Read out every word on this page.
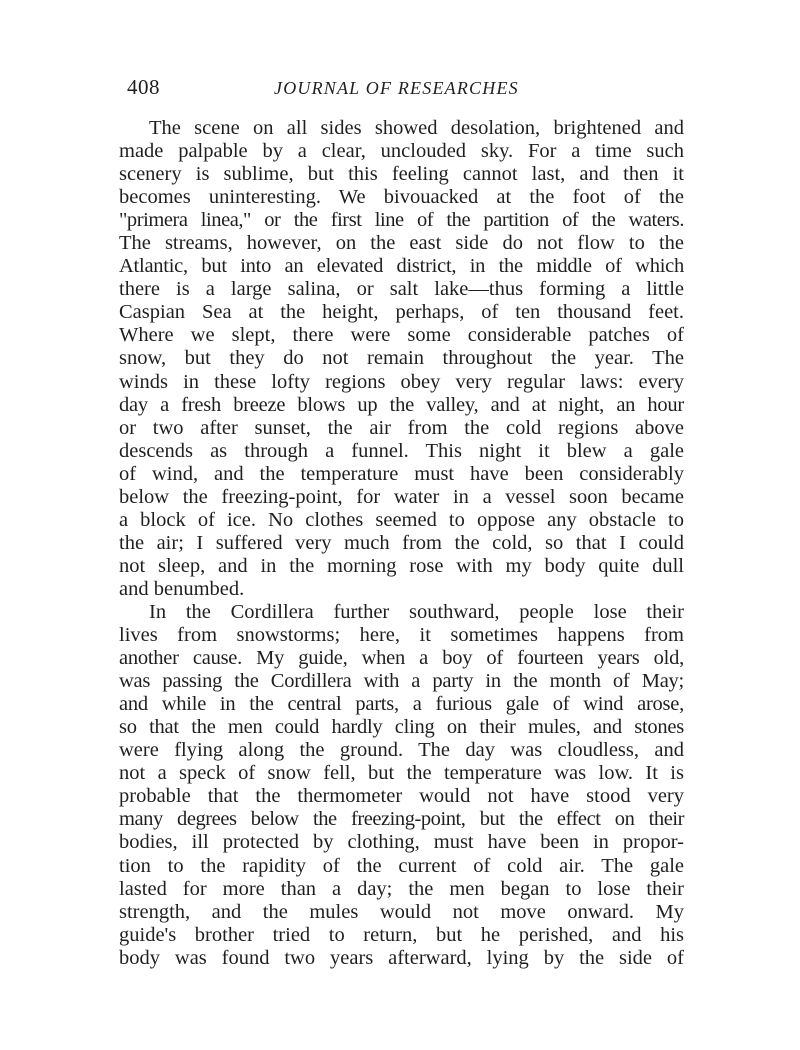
408	JOURNAL OF RESEARCHES
The scene on all sides showed desolation, brightened and
made palpable by a clear, unclouded sky. For a time such
scenery is sublime, but this feeling cannot last, and then it
becomes uninteresting. We bivouacked at the foot of the
"primera linea," or the first line of the partition of the waters.
The streams, however, on the east side do not flow to the
Atlantic, but into an elevated district, in the middle of which
there is a large salina, or salt lake—thus forming a little
Caspian Sea at the height, perhaps, of ten thousand feet.
Where we slept, there were some considerable patches of
snow, but they do not remain throughout the year. The
winds in these lofty regions obey very regular laws: every
day a fresh breeze blows up the valley, and at night, an hour
or two after sunset, the air from the cold regions above
descends as through a funnel. This night it blew a gale
of wind, and the temperature must have been considerably
below the freezing-point, for water in a vessel soon became
a block of ice. No clothes seemed to oppose any obstacle to
the air; I suffered very much from the cold, so that I could
not sleep, and in the morning rose with my body quite dull
and benumbed.
In the Cordillera further southward, people lose their
lives from snowstorms; here, it sometimes happens from
another cause. My guide, when a boy of fourteen years old,
was passing the Cordillera with a party in the month of May;
and while in the central parts, a furious gale of wind arose,
so that the men could hardly cling on their mules, and stones
were flying along the ground. The day was cloudless, and
not a speck of snow fell, but the temperature was low. It is
probable that the thermometer would not have stood very
many degrees below the freezing-point, but the effect on their
bodies, ill protected by clothing, must have been in propor-
tion to the rapidity of the current of cold air. The gale
lasted for more than a day; the men began to lose their
strength, and the mules would not move onward. My
guide's brother tried to return, but he perished, and his
body was found two years afterward, lying by the side of
